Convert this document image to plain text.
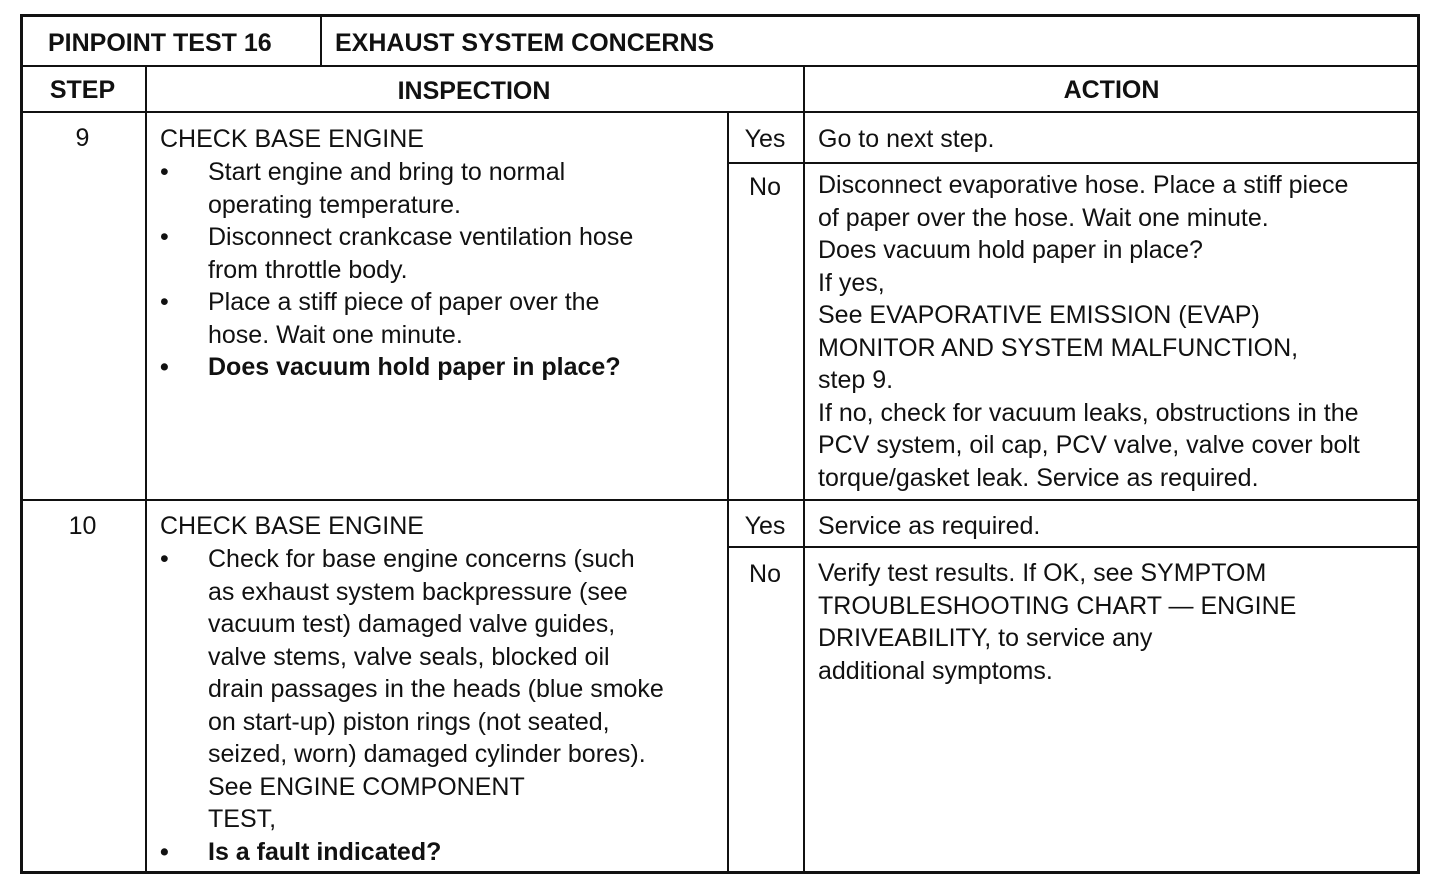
PINPOINT TEST 16	EXHAUST SYSTEM CONCERNS
STEP	INSPECTION	ACTION
9	CHECK BASE ENGINE
• Start engine and bring to normal
operating temperature.
• Disconnect crankcase ventilation hose
from throttle body.
• Place a stiff piece of paper over the
hose. Wait one minute.
• Does vacuum hold paper in place?
Yes	Go to next step.
No	Disconnect evaporative hose. Place a stiff piece
of paper over the hose. Wait one minute.
Does vacuum hold paper in place?
If yes,
See EVAPORATIVE EMISSION (EVAP)
MONITOR AND SYSTEM MALFUNCTION,
step 9.
If no, check for vacuum leaks, obstructions in the
PCV system, oil cap, PCV valve, valve cover bolt
torque/gasket leak. Service as required.
10	CHECK BASE ENGINE
• Check for base engine concerns (such
as exhaust system backpressure (see
vacuum test) damaged valve guides,
valve stems, valve seals, blocked oil
drain passages in the heads (blue smoke
on start-up) piston rings (not seated,
seized, worn) damaged cylinder bores).
See ENGINE COMPONENT
TEST,
• Is a fault indicated?
Yes	Service as required.
No	Verify test results. If OK, see SYMPTOM
TROUBLESHOOTING CHART — ENGINE
DRIVEABILITY, to service any
additional symptoms.
